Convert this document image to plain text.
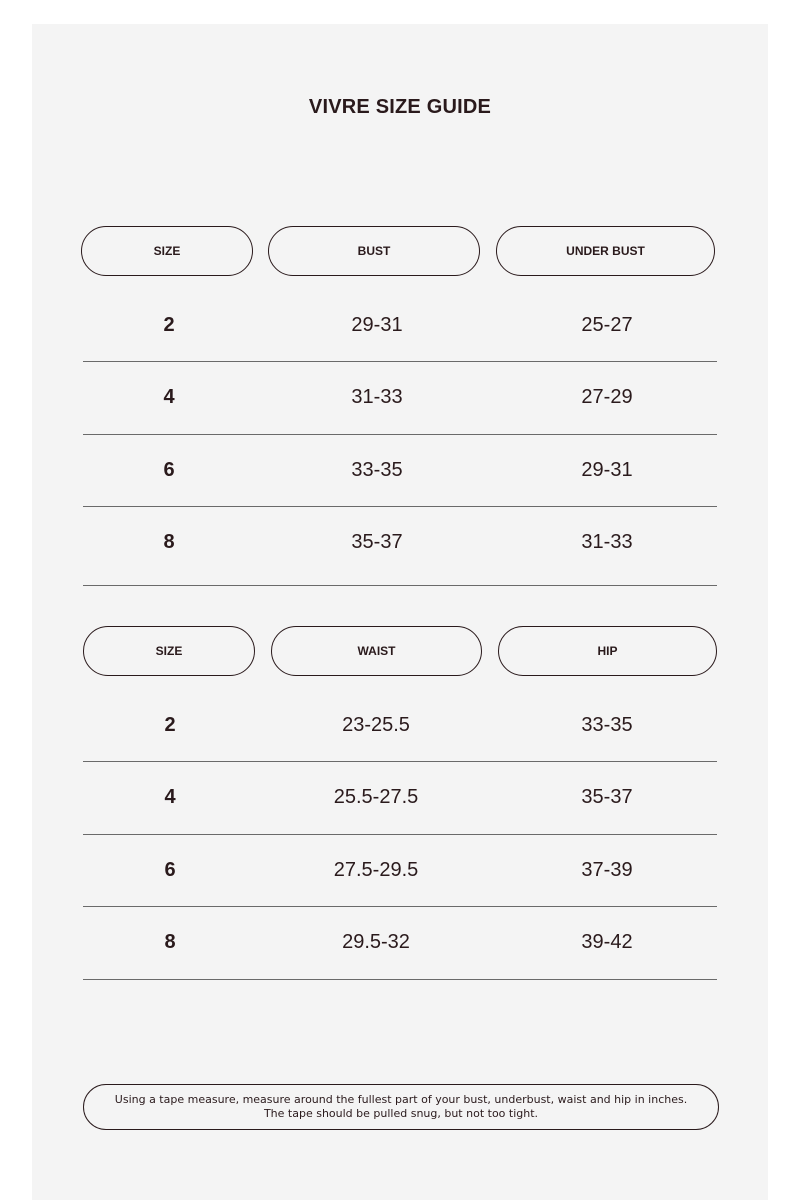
VIVRE SIZE GUIDE
SIZE	BUST	UNDER BUST
2	29-31	25-27
4	31-33	27-29
6	33-35	29-31
8	35-37	31-33
SIZE	WAIST	HIP
2	23-25.5	33-35
4	25.5-27.5	35-37
6	27.5-29.5	37-39
8	29.5-32	39-42
Using a tape measure, measure around the fullest part of your bust, underbust, waist and hip in inches.
The tape should be pulled snug, but not too tight.
